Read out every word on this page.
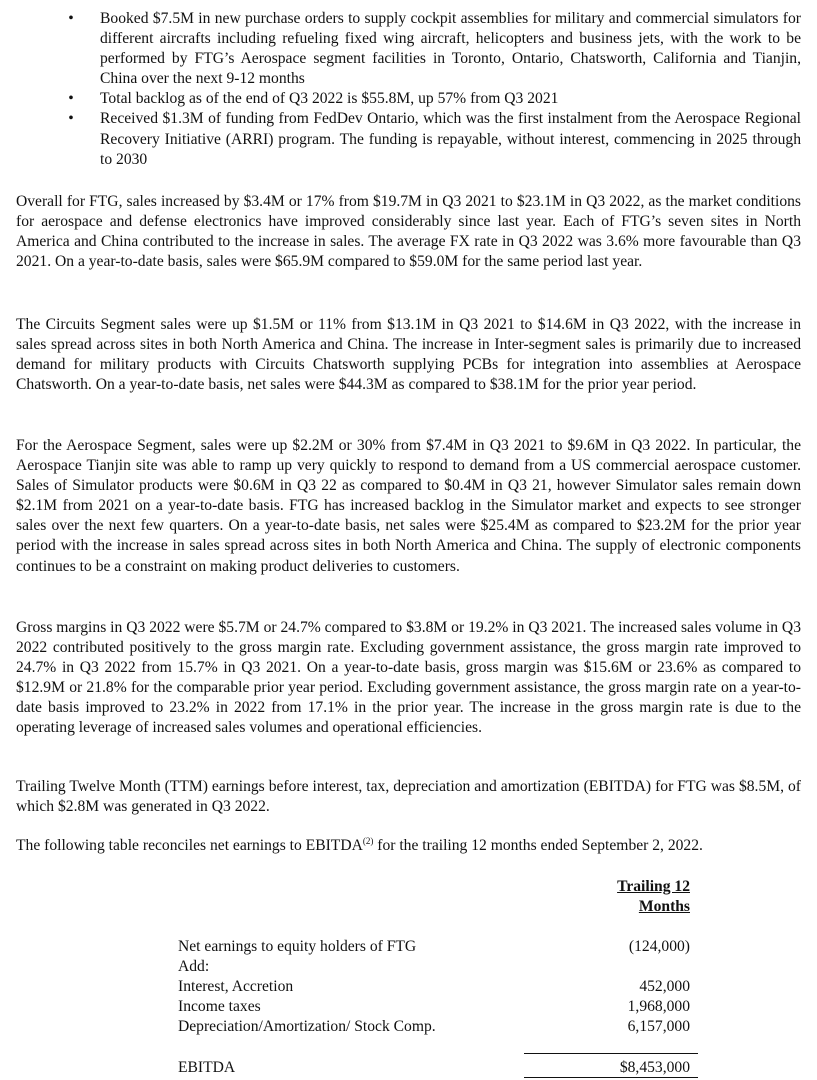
• Booked $7.5M in new purchase orders to supply cockpit assemblies for military and commercial simulators for different aircrafts including refueling fixed wing aircraft, helicopters and business jets, with the work to be performed by FTG’s Aerospace segment facilities in Toronto, Ontario, Chatsworth, California and Tianjin, China over the next 9-12 months
• Total backlog as of the end of Q3 2022 is $55.8M, up 57% from Q3 2021
• Received $1.3M of funding from FedDev Ontario, which was the first instalment from the Aerospace Regional Recovery Initiative (ARRI) program. The funding is repayable, without interest, commencing in 2025 through to 2030

Overall for FTG, sales increased by $3.4M or 17% from $19.7M in Q3 2021 to $23.1M in Q3 2022, as the market conditions for aerospace and defense electronics have improved considerably since last year. Each of FTG’s seven sites in North America and China contributed to the increase in sales. The average FX rate in Q3 2022 was 3.6% more favourable than Q3 2021. On a year-to-date basis, sales were $65.9M compared to $59.0M for the same period last year.

The Circuits Segment sales were up $1.5M or 11% from $13.1M in Q3 2021 to $14.6M in Q3 2022, with the increase in sales spread across sites in both North America and China. The increase in Inter-segment sales is primarily due to increased demand for military products with Circuits Chatsworth supplying PCBs for integration into assemblies at Aerospace Chatsworth. On a year-to-date basis, net sales were $44.3M as compared to $38.1M for the prior year period.

For the Aerospace Segment, sales were up $2.2M or 30% from $7.4M in Q3 2021 to $9.6M in Q3 2022. In particular, the Aerospace Tianjin site was able to ramp up very quickly to respond to demand from a US commercial aerospace customer. Sales of Simulator products were $0.6M in Q3 22 as compared to $0.4M in Q3 21, however Simulator sales remain down $2.1M from 2021 on a year-to-date basis. FTG has increased backlog in the Simulator market and expects to see stronger sales over the next few quarters. On a year-to-date basis, net sales were $25.4M as compared to $23.2M for the prior year period with the increase in sales spread across sites in both North America and China. The supply of electronic components continues to be a constraint on making product deliveries to customers.

Gross margins in Q3 2022 were $5.7M or 24.7% compared to $3.8M or 19.2% in Q3 2021. The increased sales volume in Q3 2022 contributed positively to the gross margin rate. Excluding government assistance, the gross margin rate improved to 24.7% in Q3 2022 from 15.7% in Q3 2021. On a year-to-date basis, gross margin was $15.6M or 23.6% as compared to $12.9M or 21.8% for the comparable prior year period. Excluding government assistance, the gross margin rate on a year-to-date basis improved to 23.2% in 2022 from 17.1% in the prior year. The increase in the gross margin rate is due to the operating leverage of increased sales volumes and operational efficiencies.

Trailing Twelve Month (TTM) earnings before interest, tax, depreciation and amortization (EBITDA) for FTG was $8.5M, of which $2.8M was generated in Q3 2022.

The following table reconciles net earnings to EBITDA$^{(2)}$ for the trailing 12 months ended September 2, 2022.

Trailing 12
Months
Net earnings to equity holders of FTG	(124,000)
Add:
Interest, Accretion	452,000
Income taxes	1,968,000
Depreciation/Amortization/ Stock Comp.	6,157,000
EBITDA	$8,453,000
